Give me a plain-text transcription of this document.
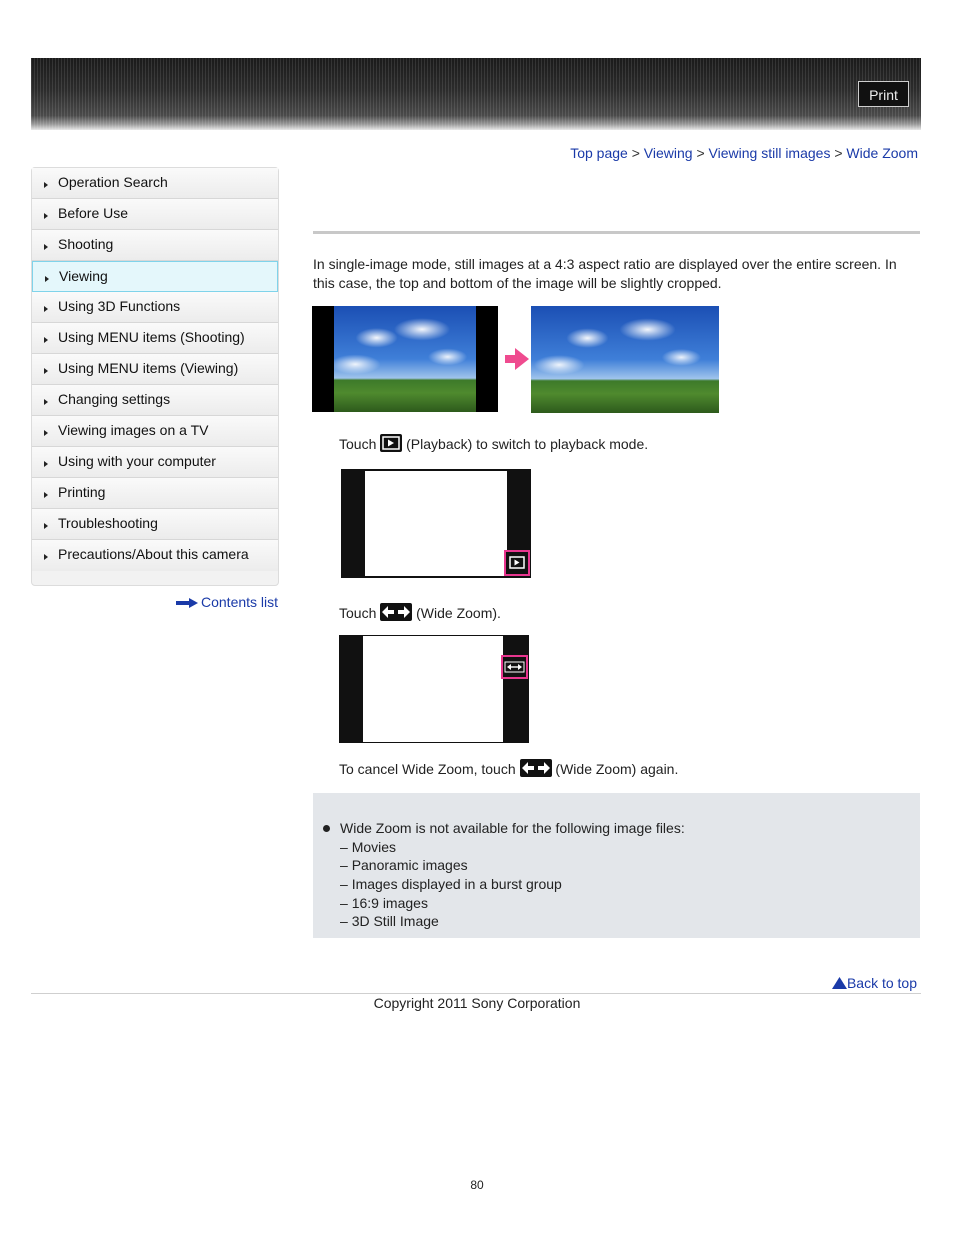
Print
Top page > Viewing > Viewing still images > Wide Zoom
Operation Search
Before Use
Shooting
Viewing
Using 3D Functions
Using MENU items (Shooting)
Using MENU items (Viewing)
Changing settings
Viewing images on a TV
Using with your computer
Printing
Troubleshooting
Precautions/About this camera
Contents list
In single-image mode, still images at a 4:3 aspect ratio are displayed over the entire screen. In this case, the top and bottom of the image will be slightly cropped.
Touch (Playback) to switch to playback mode.
Touch	(Wide Zoom).
To cancel Wide Zoom, touch	(Wide Zoom) again.
Wide Zoom is not available for the following image files:
– Movies
– Panoramic images
– Images displayed in a burst group
– 16:9 images
– 3D Still Image
Back to top
Copyright 2011 Sony Corporation
80
